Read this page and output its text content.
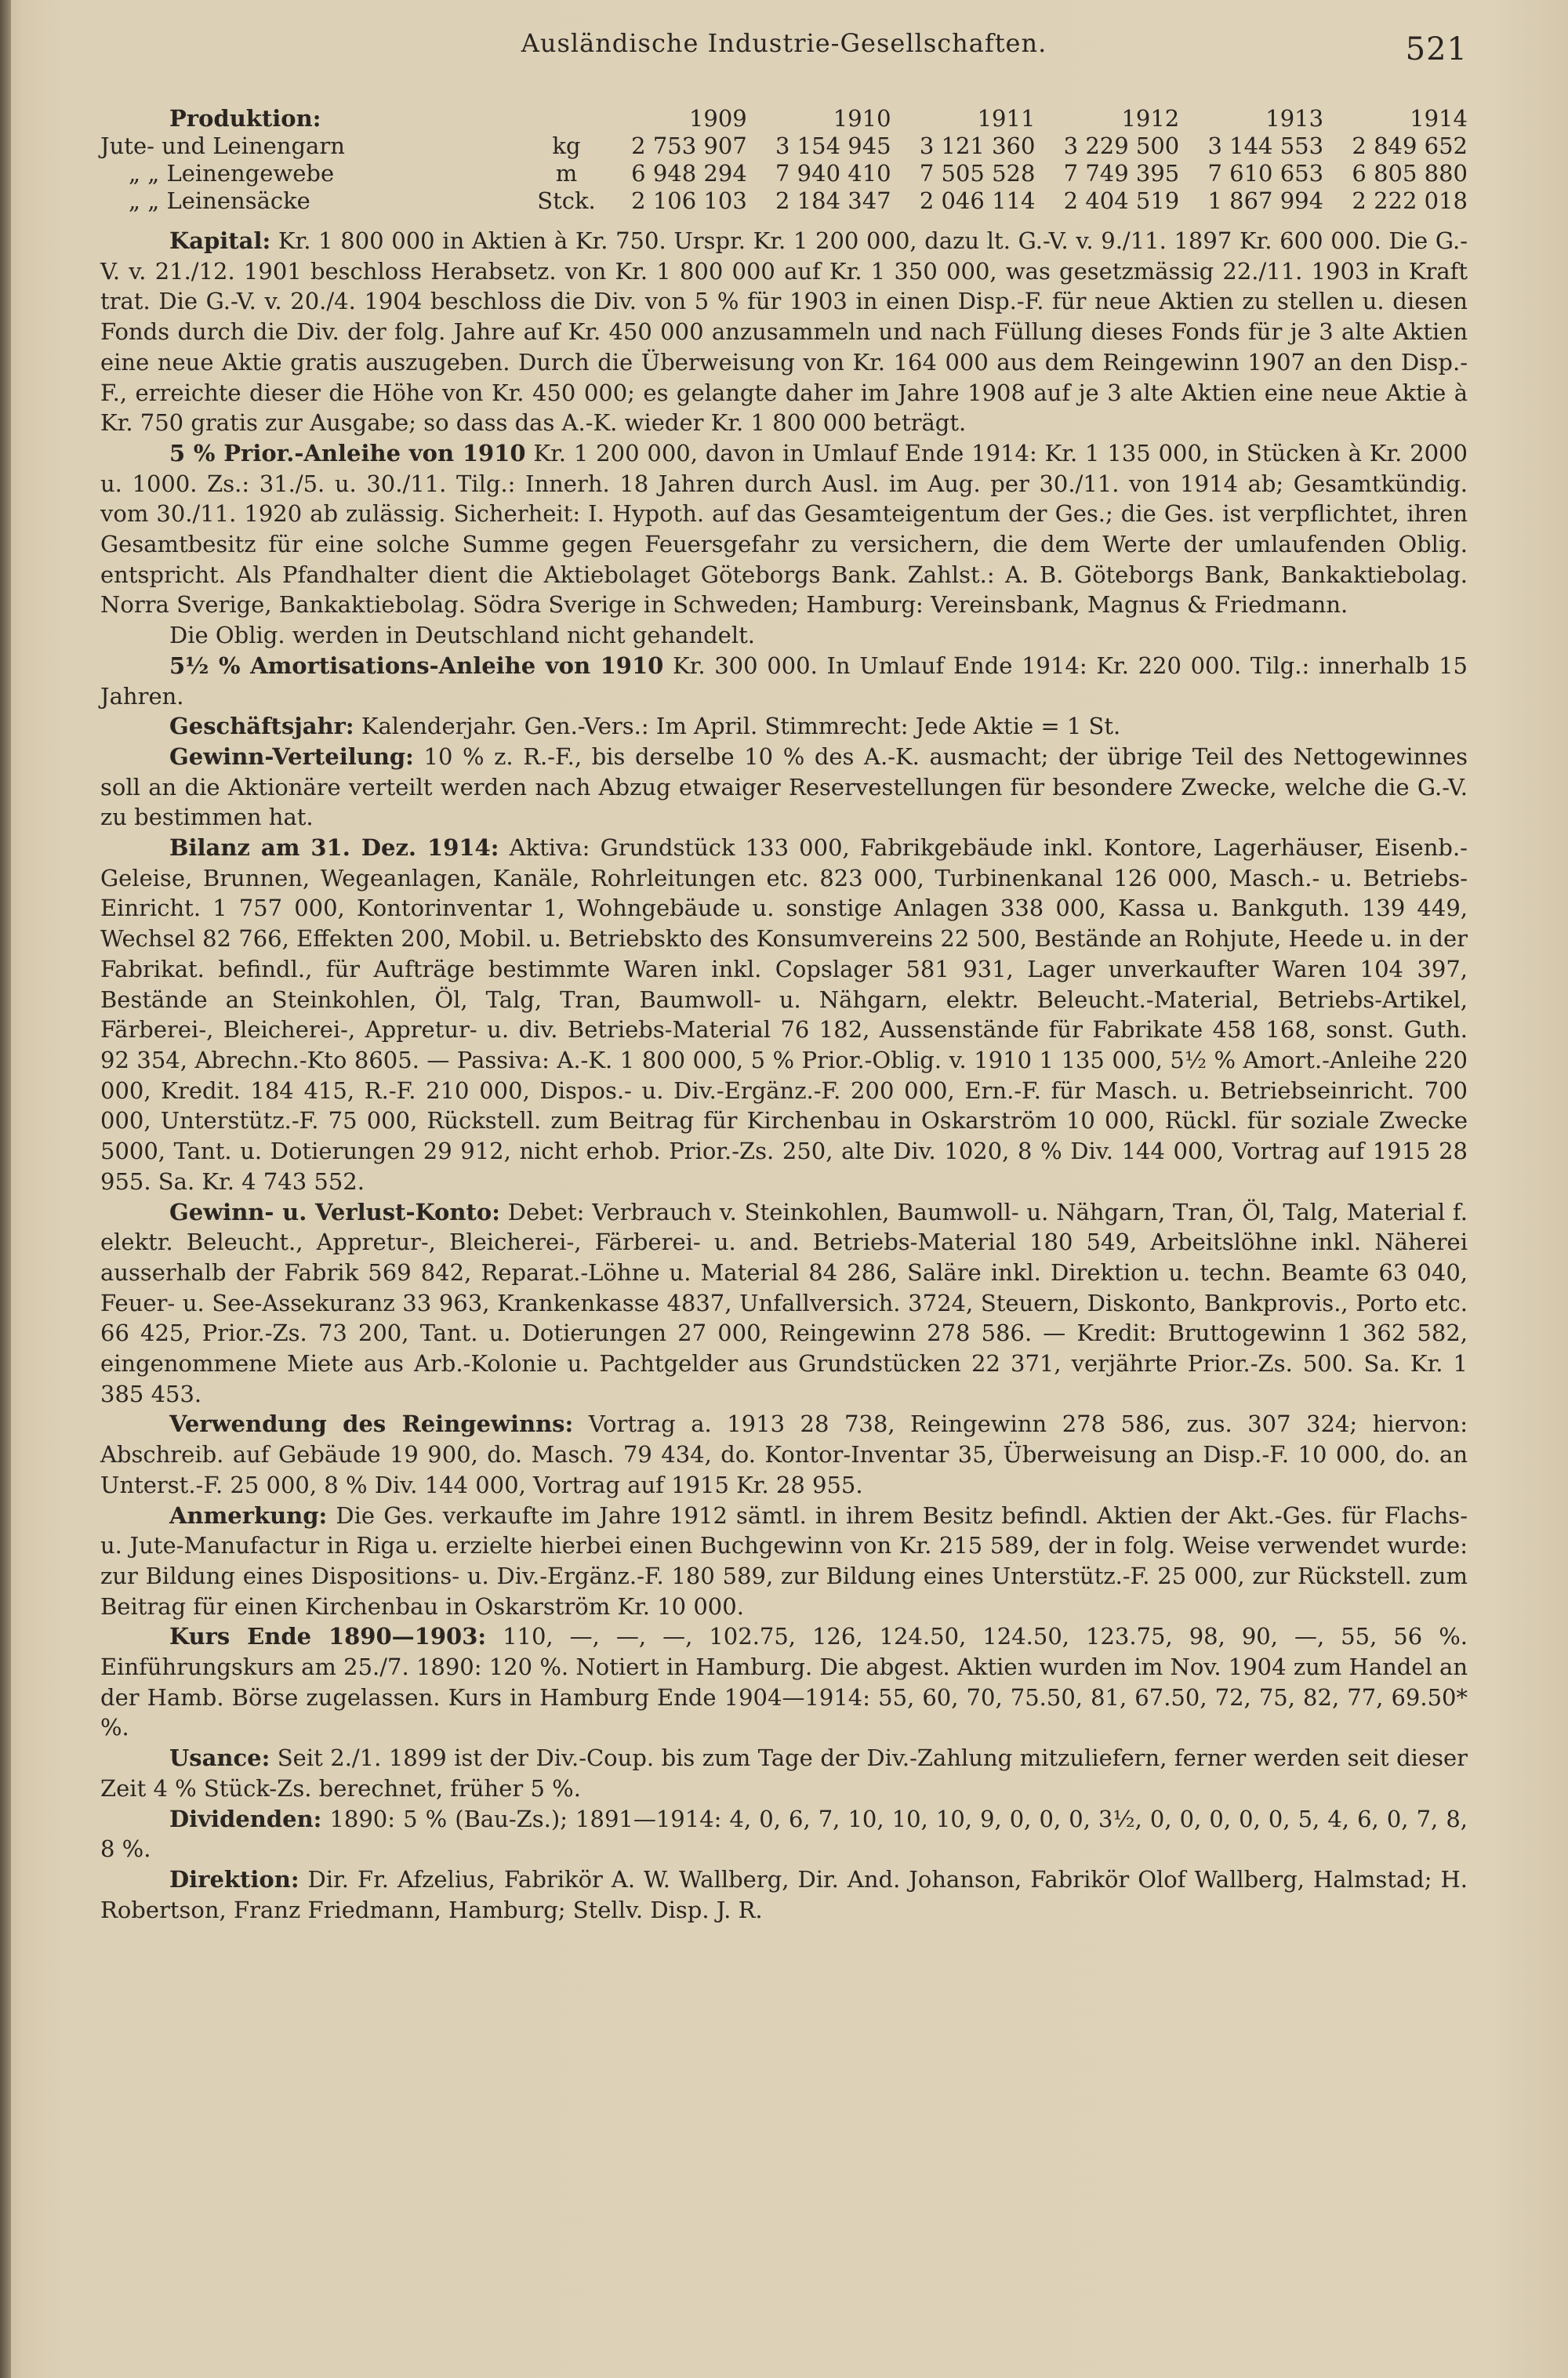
Ausländische Industrie-Gesellschaften.	521
Produktion:		1909	1910	1911	1912	1913	1914
Jute- und Leinengarn	kg	2 753 907	3 154 945	3 121 360	3 229 500	3 144 553	2 849 652
„ „ Leinengewebe	m	6 948 294	7 940 410	7 505 528	7 749 395	7 610 653	6 805 880
„ „ Leinensäcke	Stck.	2 106 103	2 184 347	2 046 114	2 404 519	1 867 994	2 222 018

Kapital: Kr. 1 800 000 in Aktien à Kr. 750. Urspr. Kr. 1 200 000, dazu lt. G.-V. v. 9./11. 1897 Kr. 600 000. Die G.-V. v. 21./12. 1901 beschloss Herabsetz. von Kr. 1 800 000 auf Kr. 1 350 000, was gesetzmässig 22./11. 1903 in Kraft trat. Die G.-V. v. 20./4. 1904 beschloss die Div. von 5 % für 1903 in einen Disp.-F. für neue Aktien zu stellen u. diesen Fonds durch die Div. der folg. Jahre auf Kr. 450 000 anzusammeln und nach Füllung dieses Fonds für je 3 alte Aktien eine neue Aktie gratis auszugeben. Durch die Überweisung von Kr. 164 000 aus dem Reingewinn 1907 an den Disp.-F., erreichte dieser die Höhe von Kr. 450 000; es gelangte daher im Jahre 1908 auf je 3 alte Aktien eine neue Aktie à Kr. 750 gratis zur Ausgabe; so dass das A.-K. wieder Kr. 1 800 000 beträgt.

5 % Prior.-Anleihe von 1910 Kr. 1 200 000, davon in Umlauf Ende 1914: Kr. 1 135 000, in Stücken à Kr. 2000 u. 1000. Zs.: 31./5. u. 30./11. Tilg.: Innerh. 18 Jahren durch Ausl. im Aug. per 30./11. von 1914 ab; Gesamtkündig. vom 30./11. 1920 ab zulässig. Sicherheit: I. Hypoth. auf das Gesamteigentum der Ges.; die Ges. ist verpflichtet, ihren Gesamtbesitz für eine solche Summe gegen Feuersgefahr zu versichern, die dem Werte der umlaufenden Oblig. entspricht. Als Pfandhalter dient die Aktiebolaget Göteborgs Bank. Zahlst.: A. B. Göteborgs Bank, Bankaktiebolag. Norra Sverige, Bankaktiebolag. Södra Sverige in Schweden; Hamburg: Vereinsbank, Magnus & Friedmann.

Die Oblig. werden in Deutschland nicht gehandelt.

5½ % Amortisations-Anleihe von 1910 Kr. 300 000. In Umlauf Ende 1914: Kr. 220 000. Tilg.: innerhalb 15 Jahren.

Geschäftsjahr: Kalenderjahr. Gen.-Vers.: Im April. Stimmrecht: Jede Aktie = 1 St.

Gewinn-Verteilung: 10 % z. R.-F., bis derselbe 10 % des A.-K. ausmacht; der übrige Teil des Nettogewinnes soll an die Aktionäre verteilt werden nach Abzug etwaiger Reservestellungen für besondere Zwecke, welche die G.-V. zu bestimmen hat.

Bilanz am 31. Dez. 1914: Aktiva: Grundstück 133 000, Fabrikgebäude inkl. Kontore, Lagerhäuser, Eisenb.-Geleise, Brunnen, Wegeanlagen, Kanäle, Rohrleitungen etc. 823 000, Turbinenkanal 126 000, Masch.- u. Betriebs-Einricht. 1 757 000, Kontorinventar 1, Wohngebäude u. sonstige Anlagen 338 000, Kassa u. Bankguth. 139 449, Wechsel 82 766, Effekten 200, Mobil. u. Betriebskto des Konsumvereins 22 500, Bestände an Rohjute, Heede u. in der Fabrikat. befindl., für Aufträge bestimmte Waren inkl. Copslager 581 931, Lager unverkaufter Waren 104 397, Bestände an Steinkohlen, Öl, Talg, Tran, Baumwoll- u. Nähgarn, elektr. Beleucht.-Material, Betriebs-Artikel, Färberei-, Bleicherei-, Appretur- u. div. Betriebs-Material 76 182, Aussenstände für Fabrikate 458 168, sonst. Guth. 92 354, Abrechn.-Kto 8605. — Passiva: A.-K. 1 800 000, 5 % Prior.-Oblig. v. 1910 1 135 000, 5½ % Amort.-Anleihe 220 000, Kredit. 184 415, R.-F. 210 000, Dispos.- u. Div.-Ergänz.-F. 200 000, Ern.-F. für Masch. u. Betriebseinricht. 700 000, Unterstütz.-F. 75 000, Rückstell. zum Beitrag für Kirchenbau in Oskarström 10 000, Rückl. für soziale Zwecke 5000, Tant. u. Dotierungen 29 912, nicht erhob. Prior.-Zs. 250, alte Div. 1020, 8 % Div. 144 000, Vortrag auf 1915 28 955. Sa. Kr. 4 743 552.

Gewinn- u. Verlust-Konto: Debet: Verbrauch v. Steinkohlen, Baumwoll- u. Nähgarn, Tran, Öl, Talg, Material f. elektr. Beleucht., Appretur-, Bleicherei-, Färberei- u. and. Betriebs-Material 180 549, Arbeitslöhne inkl. Näherei ausserhalb der Fabrik 569 842, Reparat.-Löhne u. Material 84 286, Saläre inkl. Direktion u. techn. Beamte 63 040, Feuer- u. See-Assekuranz 33 963, Krankenkasse 4837, Unfallversich. 3724, Steuern, Diskonto, Bankprovis., Porto etc. 66 425, Prior.-Zs. 73 200, Tant. u. Dotierungen 27 000, Reingewinn 278 586. — Kredit: Bruttogewinn 1 362 582, eingenommene Miete aus Arb.-Kolonie u. Pachtgelder aus Grundstücken 22 371, verjährte Prior.-Zs. 500. Sa. Kr. 1 385 453.

Verwendung des Reingewinns: Vortrag a. 1913 28 738, Reingewinn 278 586, zus. 307 324; hiervon: Abschreib. auf Gebäude 19 900, do. Masch. 79 434, do. Kontor-Inventar 35, Überweisung an Disp.-F. 10 000, do. an Unterst.-F. 25 000, 8 % Div. 144 000, Vortrag auf 1915 Kr. 28 955.

Anmerkung: Die Ges. verkaufte im Jahre 1912 sämtl. in ihrem Besitz befindl. Aktien der Akt.-Ges. für Flachs- u. Jute-Manufactur in Riga u. erzielte hierbei einen Buchgewinn von Kr. 215 589, der in folg. Weise verwendet wurde: zur Bildung eines Dispositions- u. Div.-Ergänz.-F. 180 589, zur Bildung eines Unterstütz.-F. 25 000, zur Rückstell. zum Beitrag für einen Kirchenbau in Oskarström Kr. 10 000.

Kurs Ende 1890—1903: 110, —, —, —, 102.75, 126, 124.50, 124.50, 123.75, 98, 90, —, 55, 56 %. Einführungskurs am 25./7. 1890: 120 %. Notiert in Hamburg. Die abgest. Aktien wurden im Nov. 1904 zum Handel an der Hamb. Börse zugelassen. Kurs in Hamburg Ende 1904—1914: 55, 60, 70, 75.50, 81, 67.50, 72, 75, 82, 77, 69.50* %.

Usance: Seit 2./1. 1899 ist der Div.-Coup. bis zum Tage der Div.-Zahlung mitzuliefern, ferner werden seit dieser Zeit 4 % Stück-Zs. berechnet, früher 5 %.

Dividenden: 1890: 5 % (Bau-Zs.); 1891—1914: 4, 0, 6, 7, 10, 10, 10, 9, 0, 0, 0, 3½, 0, 0, 0, 0, 0, 5, 4, 6, 0, 7, 8, 8 %.

Direktion: Dir. Fr. Afzelius, Fabrikör A. W. Wallberg, Dir. And. Johanson, Fabrikör Olof Wallberg, Halmstad; H. Robertson, Franz Friedmann, Hamburg; Stellv. Disp. J. R.
